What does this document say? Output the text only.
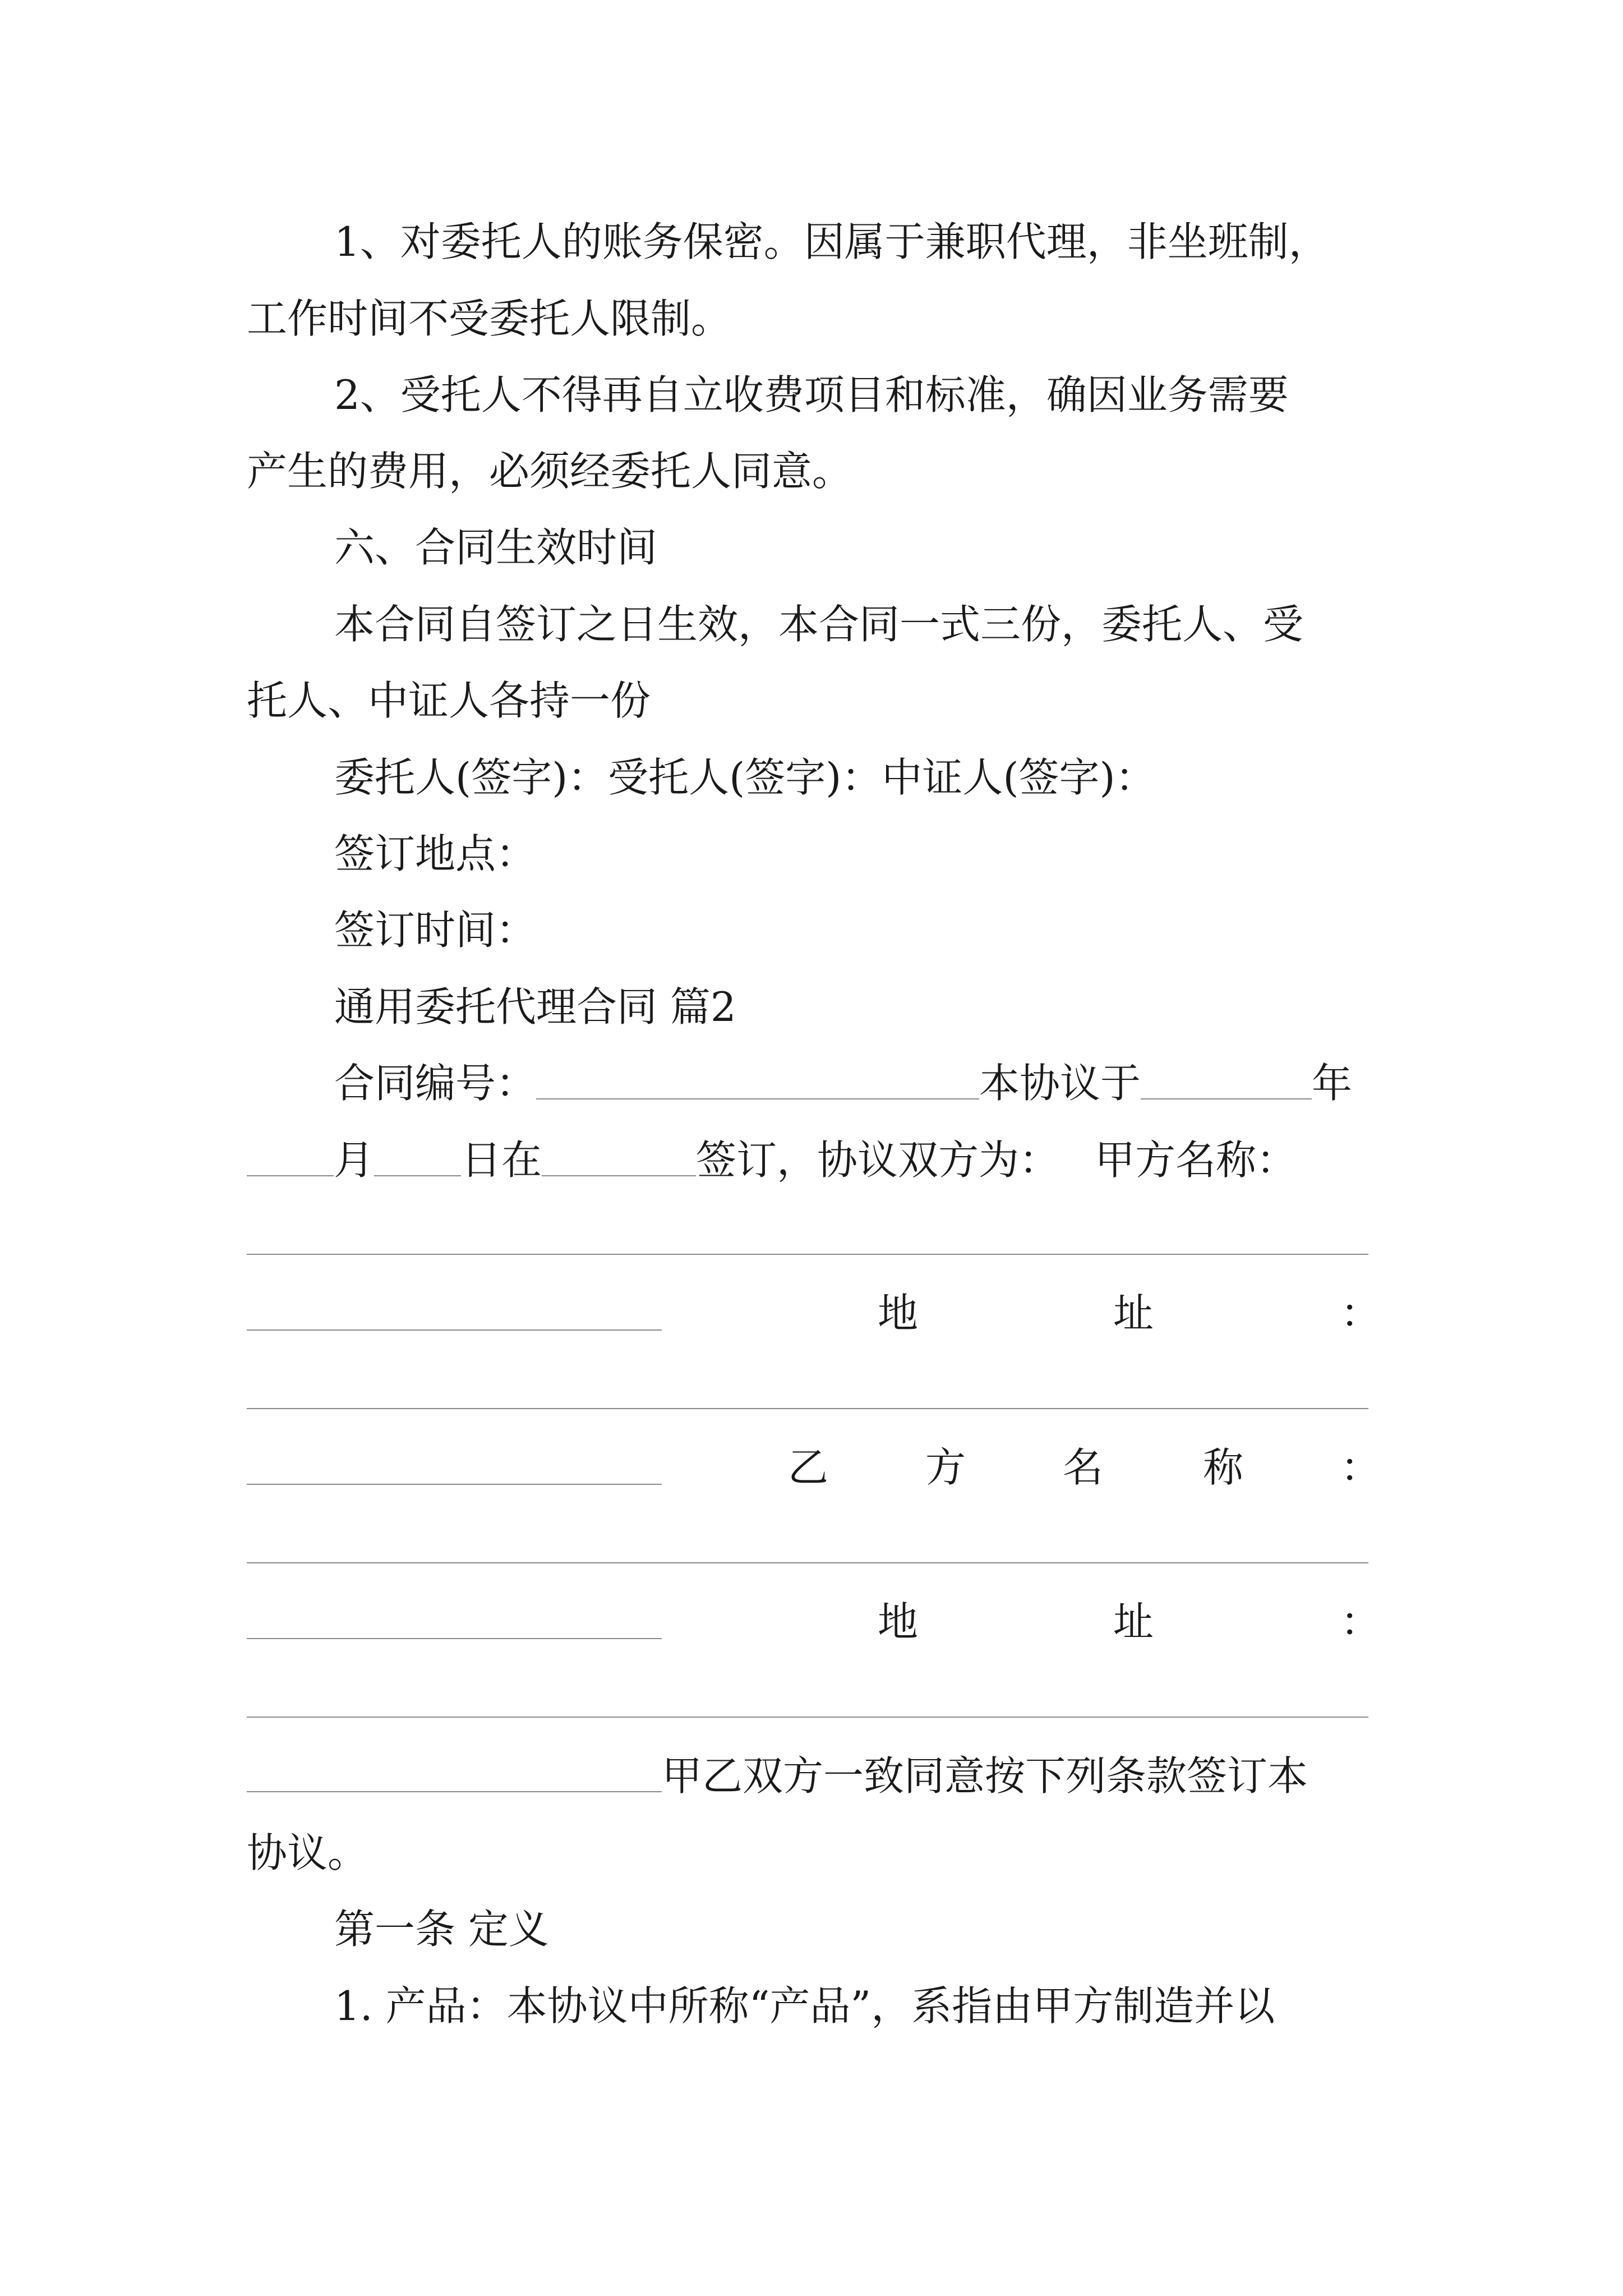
1、对委托人的账务保密。因属于兼职代理，非坐班制，
工作时间不受委托人限制。
2、受托人不得再自立收费项目和标准，确因业务需要
产生的费用，必须经委托人同意。
六、合同生效时间
本合同自签订之日生效，本合同一式三份，委托人、受
托人、中证人各持一份
委托人(签字)：受托人(签字)：中证人(签字)：
签订地点：
签订时间：
通用委托代理合同 篇2
合同编号：	本协议于	年
月 日在	签订，协议双方为： 甲方名称：
地	址	：
乙 方 名 称 ：
地	址	：
甲乙双方一致同意按下列条款签订本
协议。
第一条 定义
1. 产品：本协议中所称“产品”，系指由甲方制造并以
